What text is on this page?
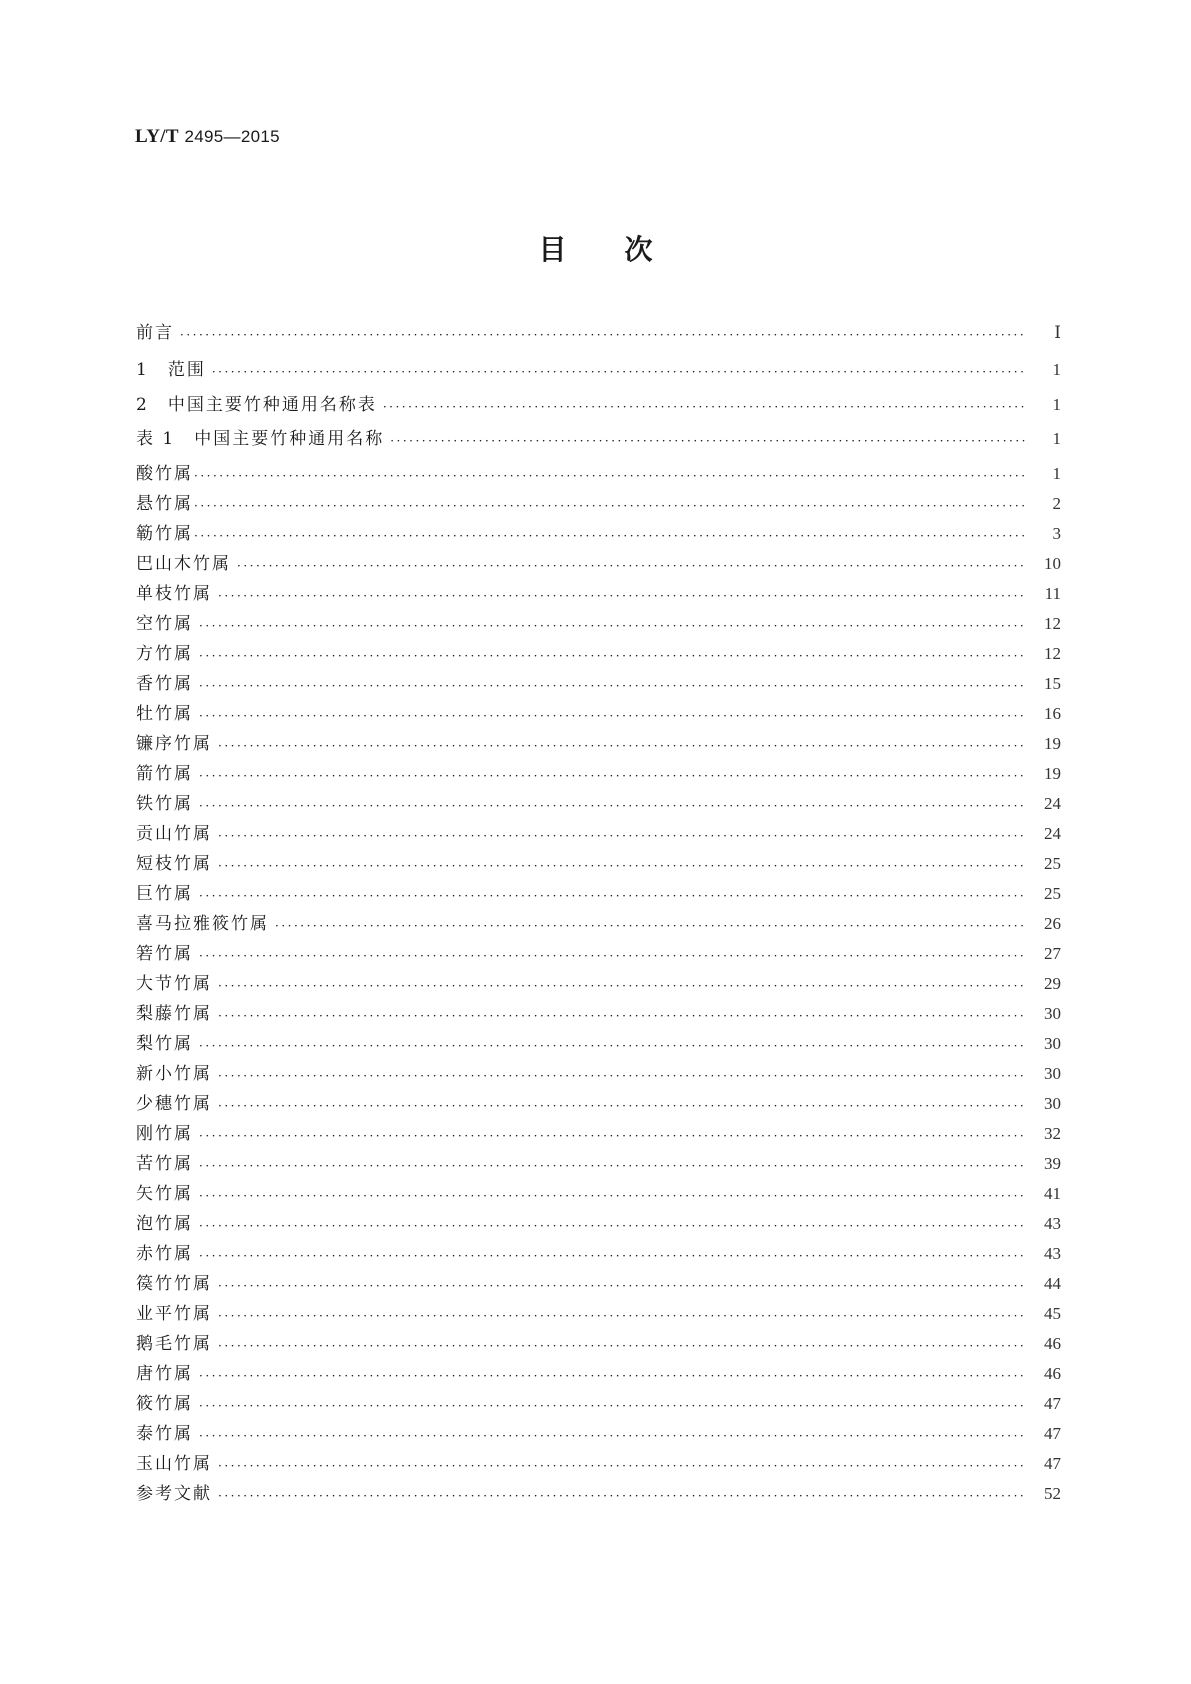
LY/T 2495—2015
目次
前言 ·····	Ⅰ
1　范围 ·····	1
2　中国主要竹种通用名称表 ·····	1
表 1　中国主要竹种通用名称 ·····	1
酸竹属 ·····	1
悬竹属 ·····	2
簕竹属 ·····	3
巴山木竹属 ·····	10
单枝竹属 ·····	11
空竹属 ·····	12
方竹属 ·····	12
香竹属 ·····	15
牡竹属 ·····	16
镰序竹属 ·····	19
箭竹属 ·····	19
铁竹属 ·····	24
贡山竹属 ·····	24
短枝竹属 ·····	25
巨竹属 ·····	25
喜马拉雅筱竹属 ·····	26
箬竹属 ·····	27
大节竹属 ·····	29
梨藤竹属 ·····	30
梨竹属 ·····	30
新小竹属 ·····	30
少穗竹属 ·····	30
刚竹属 ·····	32
苦竹属 ·····	39
矢竹属 ·····	41
泡竹属 ·····	43
赤竹属 ·····	43
篌竹竹属 ·····	44
业平竹属 ·····	45
鹅毛竹属 ·····	46
唐竹属 ·····	46
筱竹属 ·····	47
泰竹属 ·····	47
玉山竹属 ·····	47
参考文献 ·····	52
